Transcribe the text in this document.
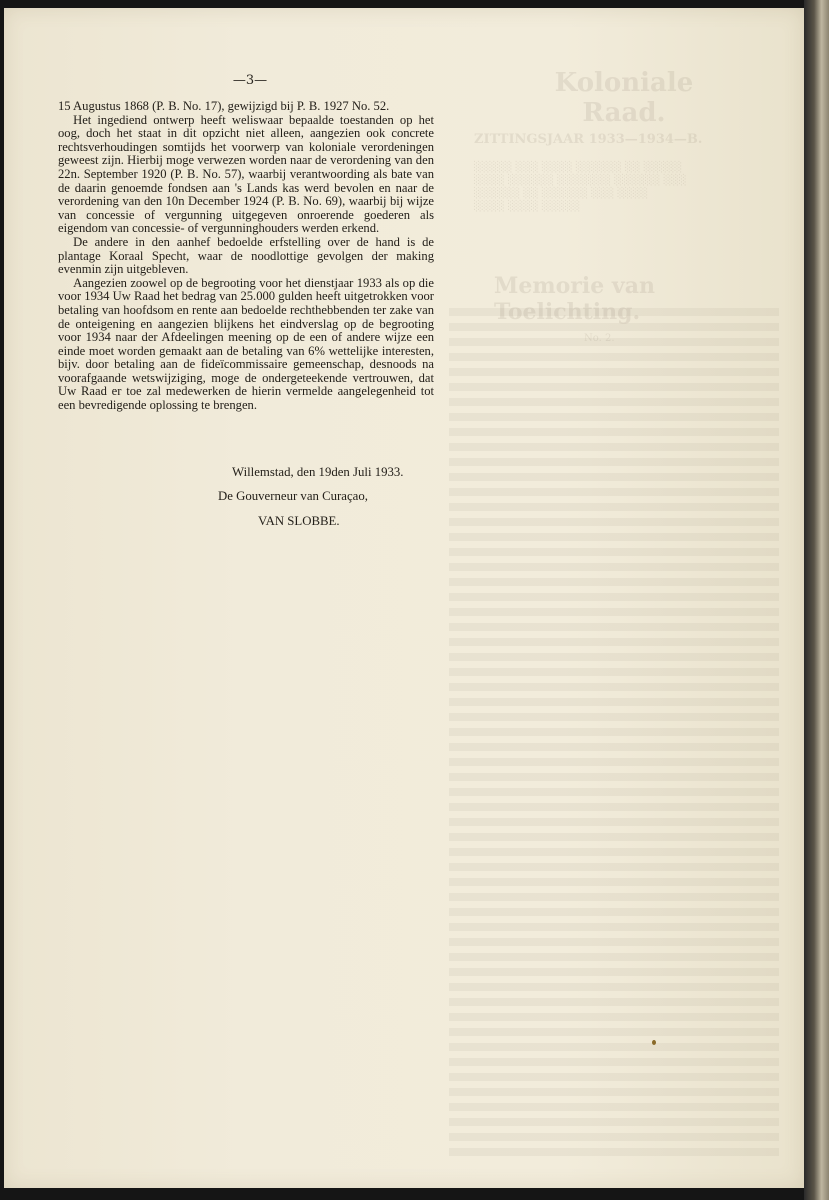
Koloniale Raad.
ZITTINGSJAAR 1933—1934—B.
░░░░░ ░░░ ░░░░ ░░░░░░ ░░ ░░░░░
░░░░ ░░░░░░ ░░░░░░░ ░░░░░░ ░░░
░░░░░░ ░░ ░░░░░░ ░░░ ░░░░
░░░░ ░░░░ ░░░░░
Memorie van Toelichting.
No. 2.
—3—

15 Augustus 1868 (P. B. No. 17), gewijzigd bij P. B. 1927 No. 52.

Het ingediend ontwerp heeft weliswaar bepaalde toestanden op het oog, doch het staat in dit opzicht niet alleen, aangezien ook concrete rechtsverhoudingen somtijds het voorwerp van koloniale verordeningen geweest zijn. Hierbij moge verwezen worden naar de verordening van den 22n. September 1920 (P. B. No. 57), waarbij verantwoording als bate van de daarin genoemde fondsen aan 's Lands kas werd bevolen en naar de verordening van den 10n December 1924 (P. B. No. 69), waarbij bij wijze van concessie of vergunning uitgegeven onroerende goederen als eigendom van concessie- of vergunninghouders werden erkend.

De andere in den aanhef bedoelde erfstelling over de hand is de plantage Koraal Specht, waar de noodlottige gevolgen der making evenmin zijn uitgebleven.

Aangezien zoowel op de begrooting voor het dienstjaar 1933 als op die voor 1934 Uw Raad het bedrag van 25.000 gulden heeft uitgetrokken voor betaling van hoofdsom en rente aan bedoelde rechthebbenden ter zake van de onteigening en aangezien blijkens het eindverslag op de begrooting voor 1934 naar der Afdeelingen meening op de een of andere wijze een einde moet worden gemaakt aan de betaling van 6% wettelijke interesten, bijv. door betaling aan de fideïcommissaire gemeenschap, desnoods na voorafgaande wetswijziging, moge de ondergeteekende vertrouwen, dat Uw Raad er toe zal medewerken de hierin vermelde aangelegenheid tot een bevredigende oplossing te brengen.

Willemstad, den 19den Juli 1933.
De Gouverneur van Curaçao,
VAN SLOBBE.
